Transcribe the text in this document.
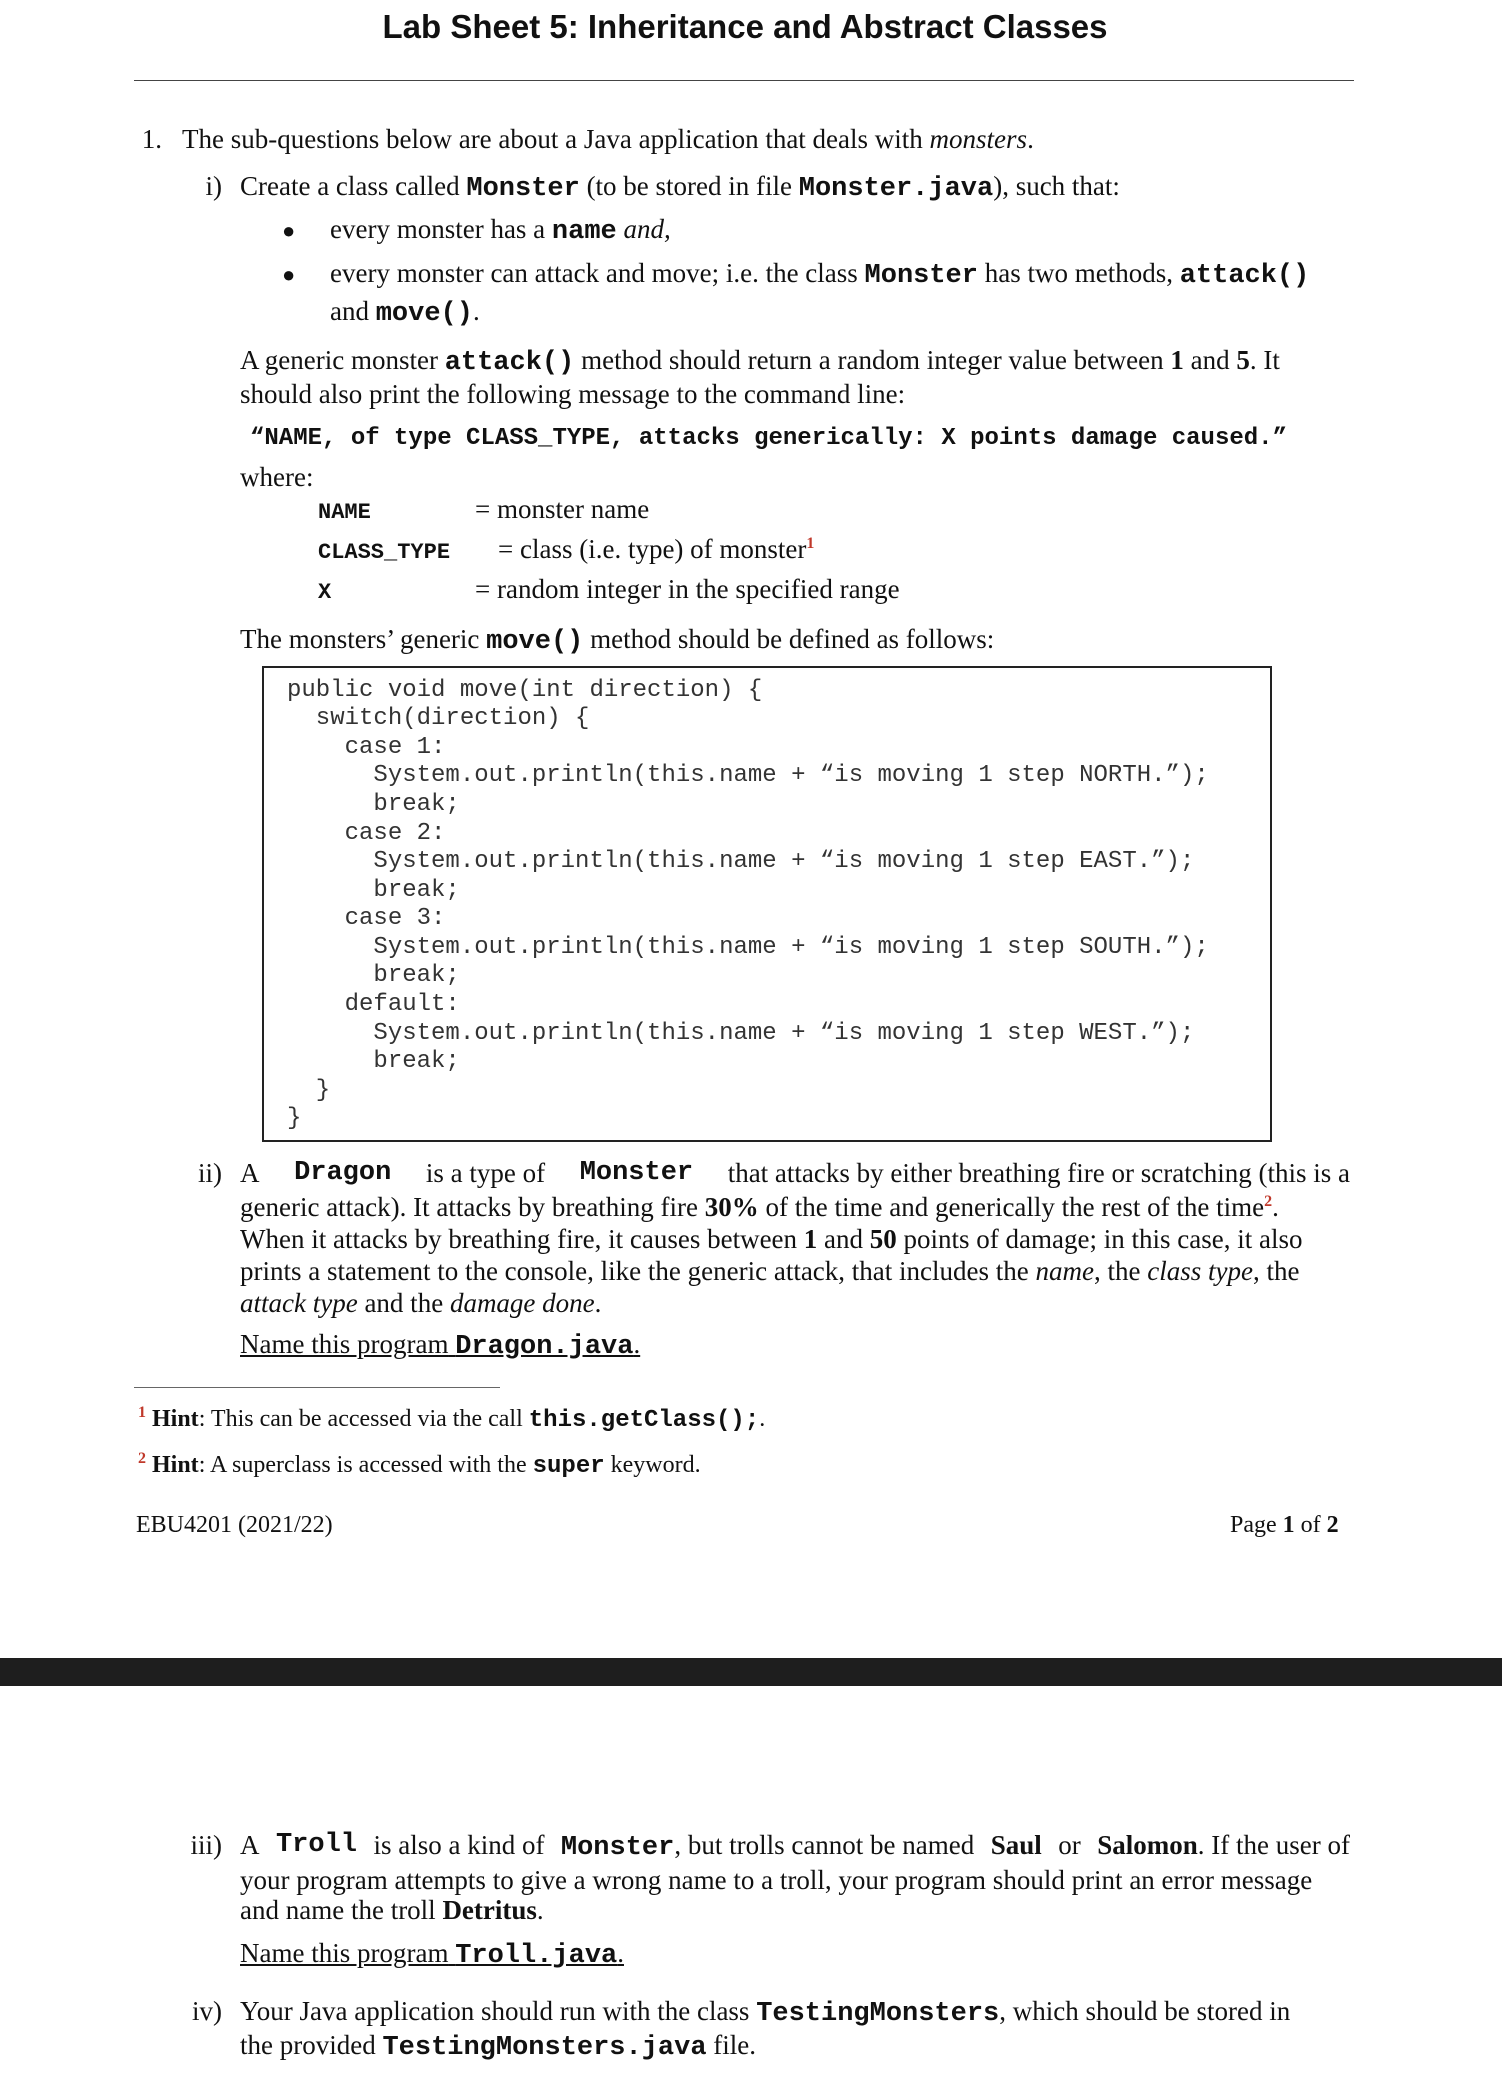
Lab Sheet 5: Inheritance and Abstract Classes
1. The sub-questions below are about a Java application that deals with monsters.
i) Create a class called Monster (to be stored in file Monster.java), such that:
● every monster has a name and,
● every monster can attack and move; i.e. the class Monster has two methods, attack()
and move().
A generic monster attack() method should return a random integer value between 1 and 5. It
should also print the following message to the command line:
“NAME, of type CLASS_TYPE, attacks generically: X points damage caused.”
where:
NAME	= monster name
CLASS_TYPE = class (i.e. type) of monster$^1$
X	= random integer in the specified range
The monsters’ generic move() method should be defined as follows:
public void move(int direction) {
switch(direction) {
case 1:
System.out.println(this.name + “is moving 1 step NORTH.”);
break;
case 2:
System.out.println(this.name + “is moving 1 step EAST.”);
break;
case 3:
System.out.println(this.name + “is moving 1 step SOUTH.”);
break;
default:
System.out.println(this.name + “is moving 1 step WEST.”);
break;
}
}
ii) A Dragon is a type of Monster that attacks by either breathing fire or scratching (this is a
generic attack). It attacks by breathing fire 30% of the time and generically the rest of the time$^2$.
When it attacks by breathing fire, it causes between 1 and 50 points of damage; in this case, it also
prints a statement to the console, like the generic attack, that includes the name, the class type, the
attack type and the damage done.
Name this program Dragon.java.
$^1$ Hint: This can be accessed via the call this.getClass();.
$^2$ Hint: A superclass is accessed with the super keyword.
EBU4201 (2021/22)	Page 1 of 2
iii) A Troll is also a kind of Monster, but trolls cannot be named Saul or Salomon. If the user of
your program attempts to give a wrong name to a troll, your program should print an error message
and name the troll Detritus.
Name this program Troll.java.
iv) Your Java application should run with the class TestingMonsters, which should be stored in
the provided TestingMonsters.java file.
